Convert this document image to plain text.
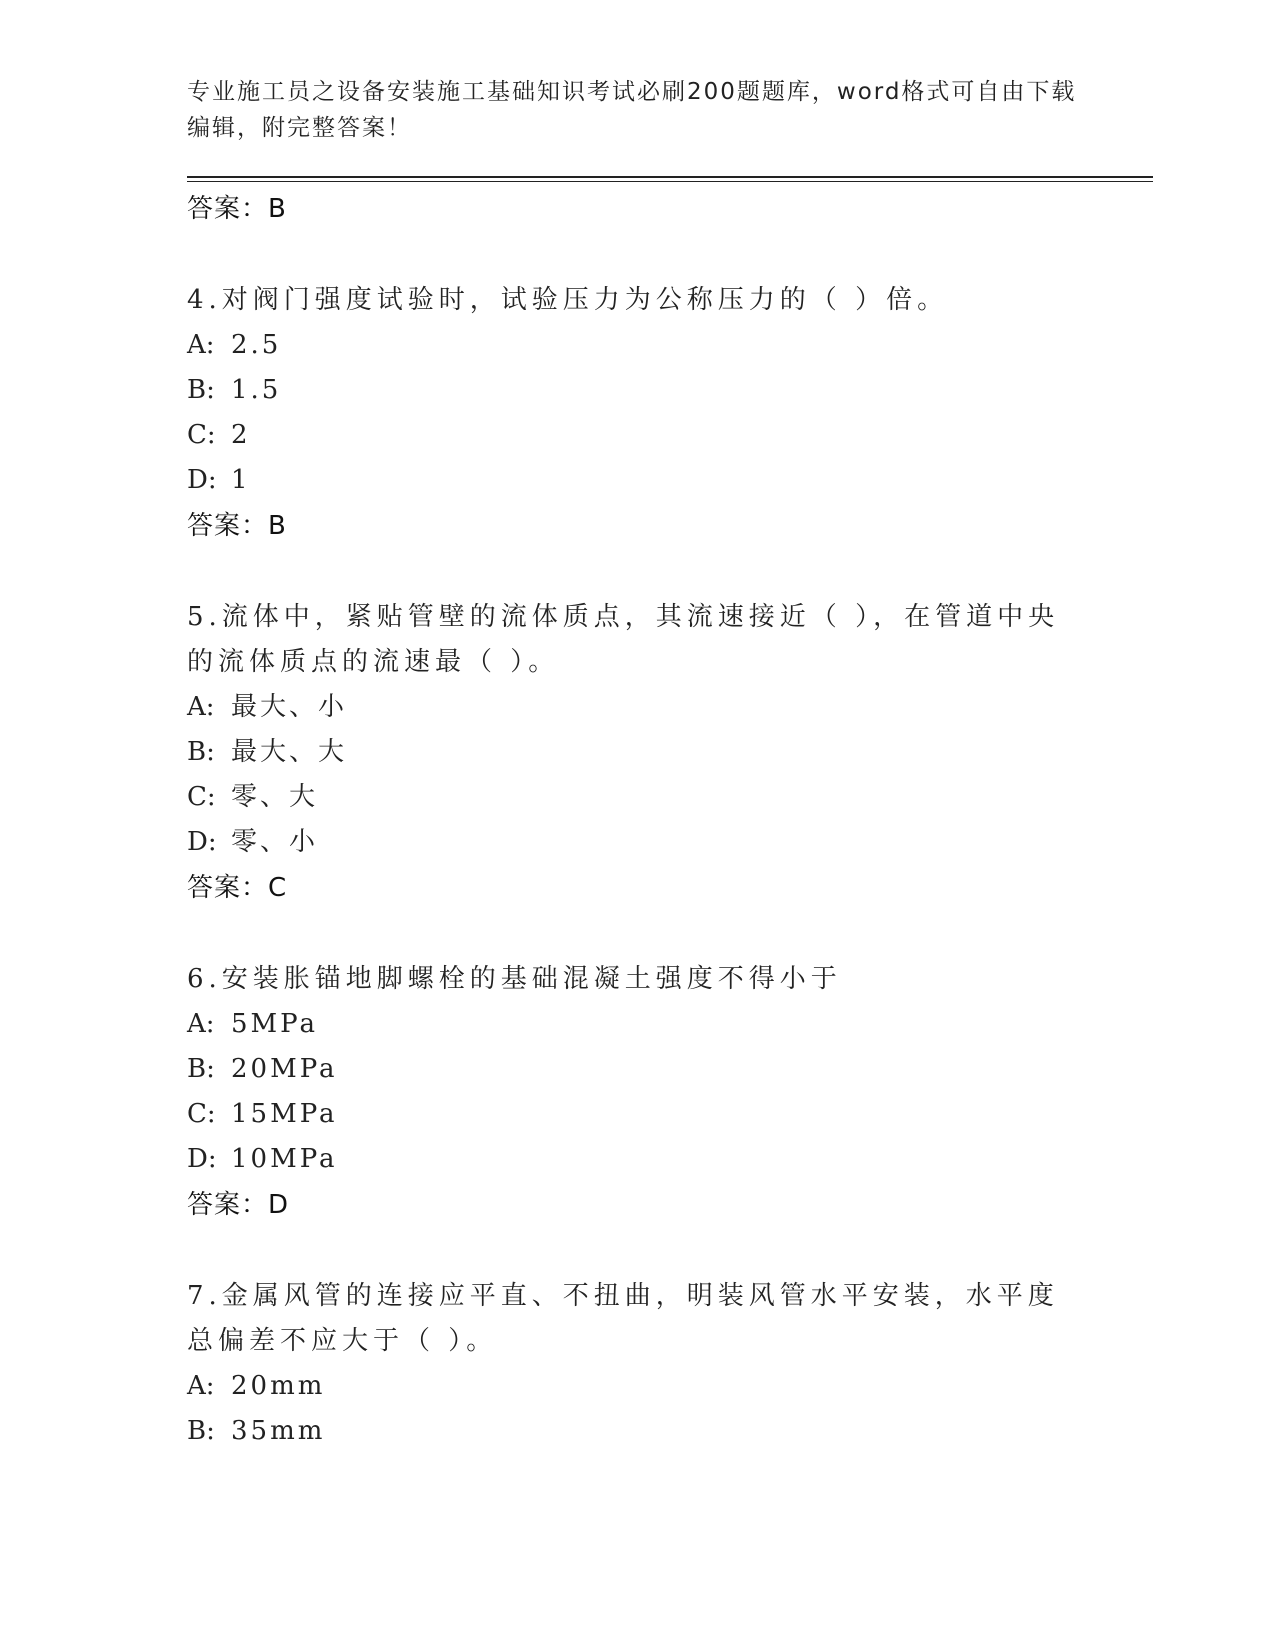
专业施工员之设备安装施工基础知识考试必刷200题题库，word格式可自由下载
编辑，附完整答案！
答案：B
4.对阀门强度试验时，试验压力为公称压力的（ ）倍。
A: 2.5
B: 1.5
C: 2
D: 1
答案：B
5.流体中，紧贴管壁的流体质点，其流速接近（ ），在管道中央的流体质点的流速最（ ）。
A: 最大、小
B: 最大、大
C: 零、大
D: 零、小
答案：C
6.安装胀锚地脚螺栓的基础混凝土强度不得小于
A: 5MPa
B: 20MPa
C: 15MPa
D: 10MPa
答案：D
7.金属风管的连接应平直、不扭曲，明装风管水平安装，水平度总偏差不应大于（ ）。
A: 20mm
B: 35mm
